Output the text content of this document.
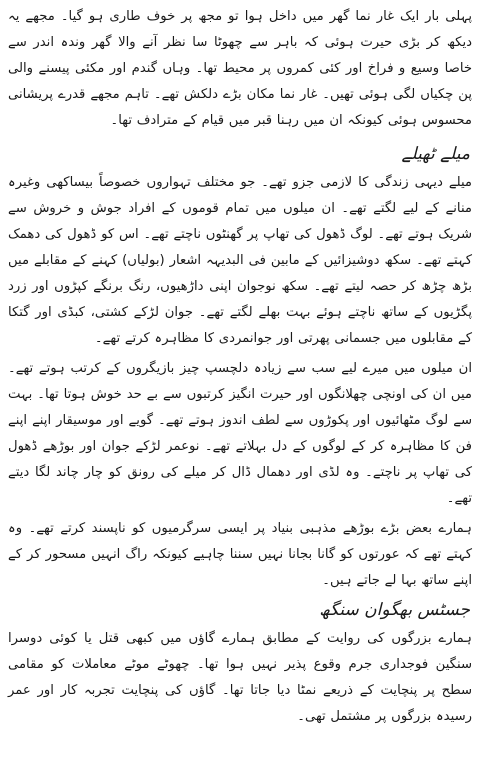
پہلی بار ایک غار نما گھر میں داخل ہوا تو مجھ پر خوف طاری ہو گیا۔ مجھے یہ دیکھ کر بڑی حیرت ہوئی کہ باہر سے چھوٹا سا نظر آنے والا گھر وندہ اندر سے خاصا وسیع و فراخ اور کئی کمروں پر محیط تھا۔ وہاں گندم اور مکئی پیسنے والی پن چکیاں لگی ہوئی تھیں۔ غار نما مکان بڑے دلکش تھے۔ تاہم مجھے قدرے پریشانی محسوس ہوئی کیونکہ ان میں رہنا قبر میں قیام کے مترادف تھا۔

میلے ٹھیلے

میلے دیہی زندگی کا لازمی جزو تھے۔ جو مختلف تہواروں خصوصاً بیساکھی وغیرہ منانے کے لیے لگتے تھے۔ ان میلوں میں تمام قوموں کے افراد جوش و خروش سے شریک ہوتے تھے۔ لوگ ڈھول کی تھاپ پر گھنٹوں ناچتے تھے۔ اس کو ڈھول کی دھمک کہتے تھے۔ سکھ دوشیزائیں کے مابین فی البدیہہ اشعار (بولیاں) کہنے کے مقابلے میں بڑھ چڑھ کر حصہ لیتے تھے۔ سکھ نوجوان اپنی داڑھیوں، رنگ برنگے کپڑوں اور زرد پگڑیوں کے ساتھ ناچتے ہوئے بہت بھلے لگتے تھے۔ جوان لڑکے کشتی، کبڈی اور گتکا کے مقابلوں میں جسمانی پھرتی اور جوانمردی کا مظاہرہ کرتے تھے۔

ان میلوں میں میرے لیے سب سے زیادہ دلچسپ چیز بازیگروں کے کرتب ہوتے تھے۔ میں ان کی اونچی چھلانگوں اور حیرت انگیز کرتبوں سے بے حد خوش ہوتا تھا۔ بہت سے لوگ مٹھائیوں اور پکوڑوں سے لطف اندوز ہوتے تھے۔ گویے اور موسیقار اپنے اپنے فن کا مظاہرہ کر کے لوگوں کے دل بہلاتے تھے۔ نوعمر لڑکے جوان اور بوڑھے ڈھول کی تھاپ پر ناچتے۔ وہ لڈی اور دھمال ڈال کر میلے کی رونق کو چار چاند لگا دیتے تھے۔

ہمارے بعض بڑے بوڑھے مذہبی بنیاد پر ایسی سرگرمیوں کو ناپسند کرتے تھے۔ وہ کہتے تھے کہ عورتوں کو گانا بجانا نہیں سننا چاہیے کیونکہ راگ انہیں مسحور کر کے اپنے ساتھ بہا لے جاتے ہیں۔

جسٹس بھگوان سنگھ

ہمارے بزرگوں کی روایت کے مطابق ہمارے گاؤں میں کبھی قتل یا کوئی دوسرا سنگین فوجداری جرم وقوع پذیر نہیں ہوا تھا۔ چھوٹے موٹے معاملات کو مقامی سطح پر پنچایت کے ذریعے نمٹا دیا جاتا تھا۔ گاؤں کی پنچایت تجربہ کار اور عمر رسیدہ بزرگوں پر مشتمل تھی۔
